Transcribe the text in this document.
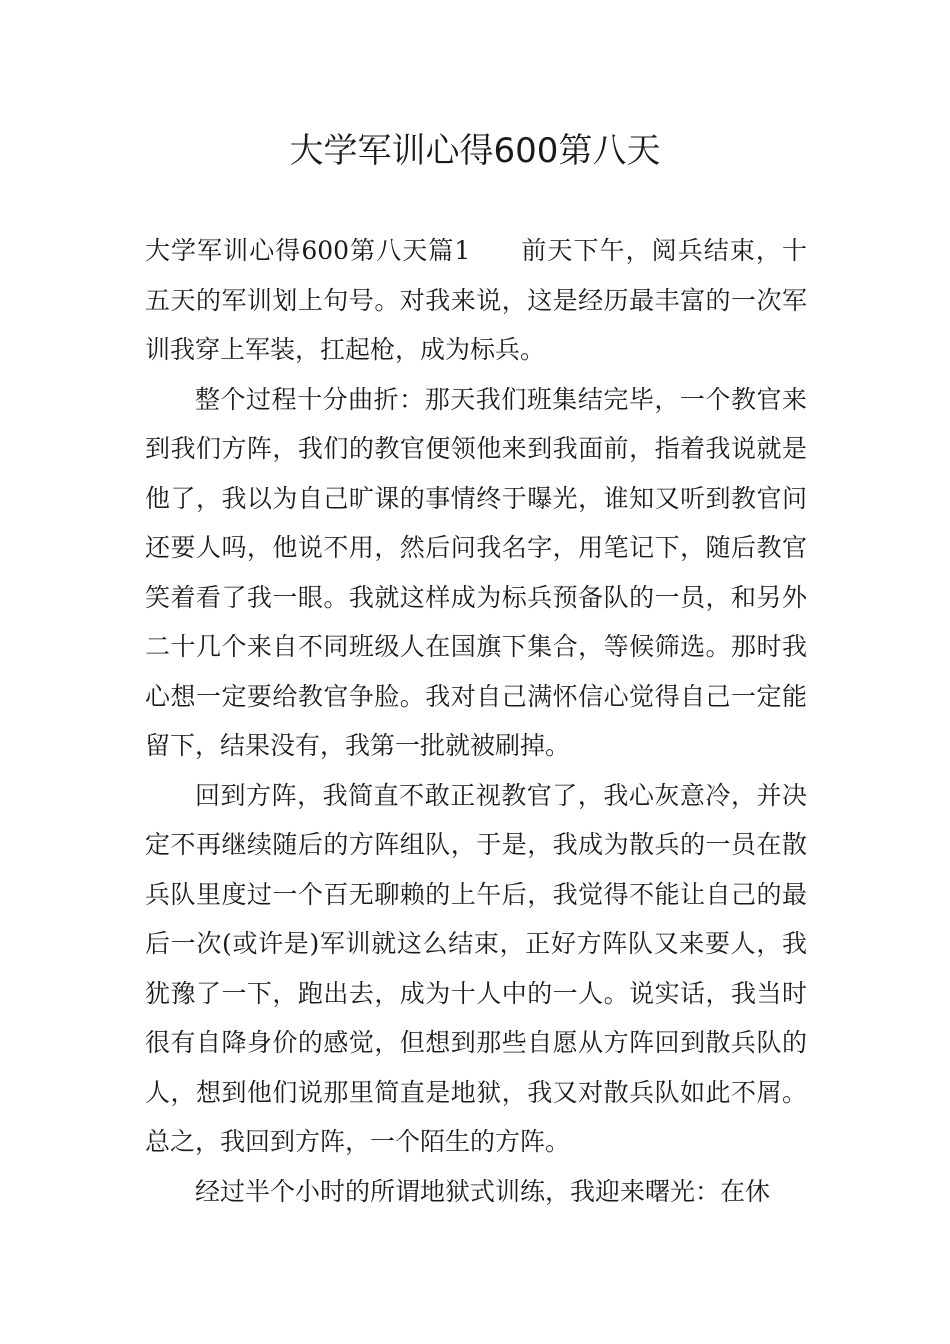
大学军训心得600第八天

大学军训心得600第八天篇1 前天下午，阅兵结束，十五天的军训划上句号。对我来说，这是经历最丰富的一次军训我穿上军装，扛起枪，成为标兵。

整个过程十分曲折：那天我们班集结完毕，一个教官来到我们方阵，我们的教官便领他来到我面前，指着我说就是他了，我以为自己旷课的事情终于曝光，谁知又听到教官问还要人吗，他说不用，然后问我名字，用笔记下，随后教官笑着看了我一眼。我就这样成为标兵预备队的一员，和另外二十几个来自不同班级人在国旗下集合，等候筛选。那时我心想一定要给教官争脸。我对自己满怀信心觉得自己一定能留下，结果没有，我第一批就被刷掉。

回到方阵，我简直不敢正视教官了，我心灰意冷，并决定不再继续随后的方阵组队，于是，我成为散兵的一员在散兵队里度过一个百无聊赖的上午后，我觉得不能让自己的最后一次(或许是)军训就这么结束，正好方阵队又来要人，我犹豫了一下，跑出去，成为十人中的一人。说实话，我当时很有自降身价的感觉，但想到那些自愿从方阵回到散兵队的人，想到他们说那里简直是地狱，我又对散兵队如此不屑。总之，我回到方阵，一个陌生的方阵。

经过半个小时的所谓地狱式训练，我迎来曙光：在休
